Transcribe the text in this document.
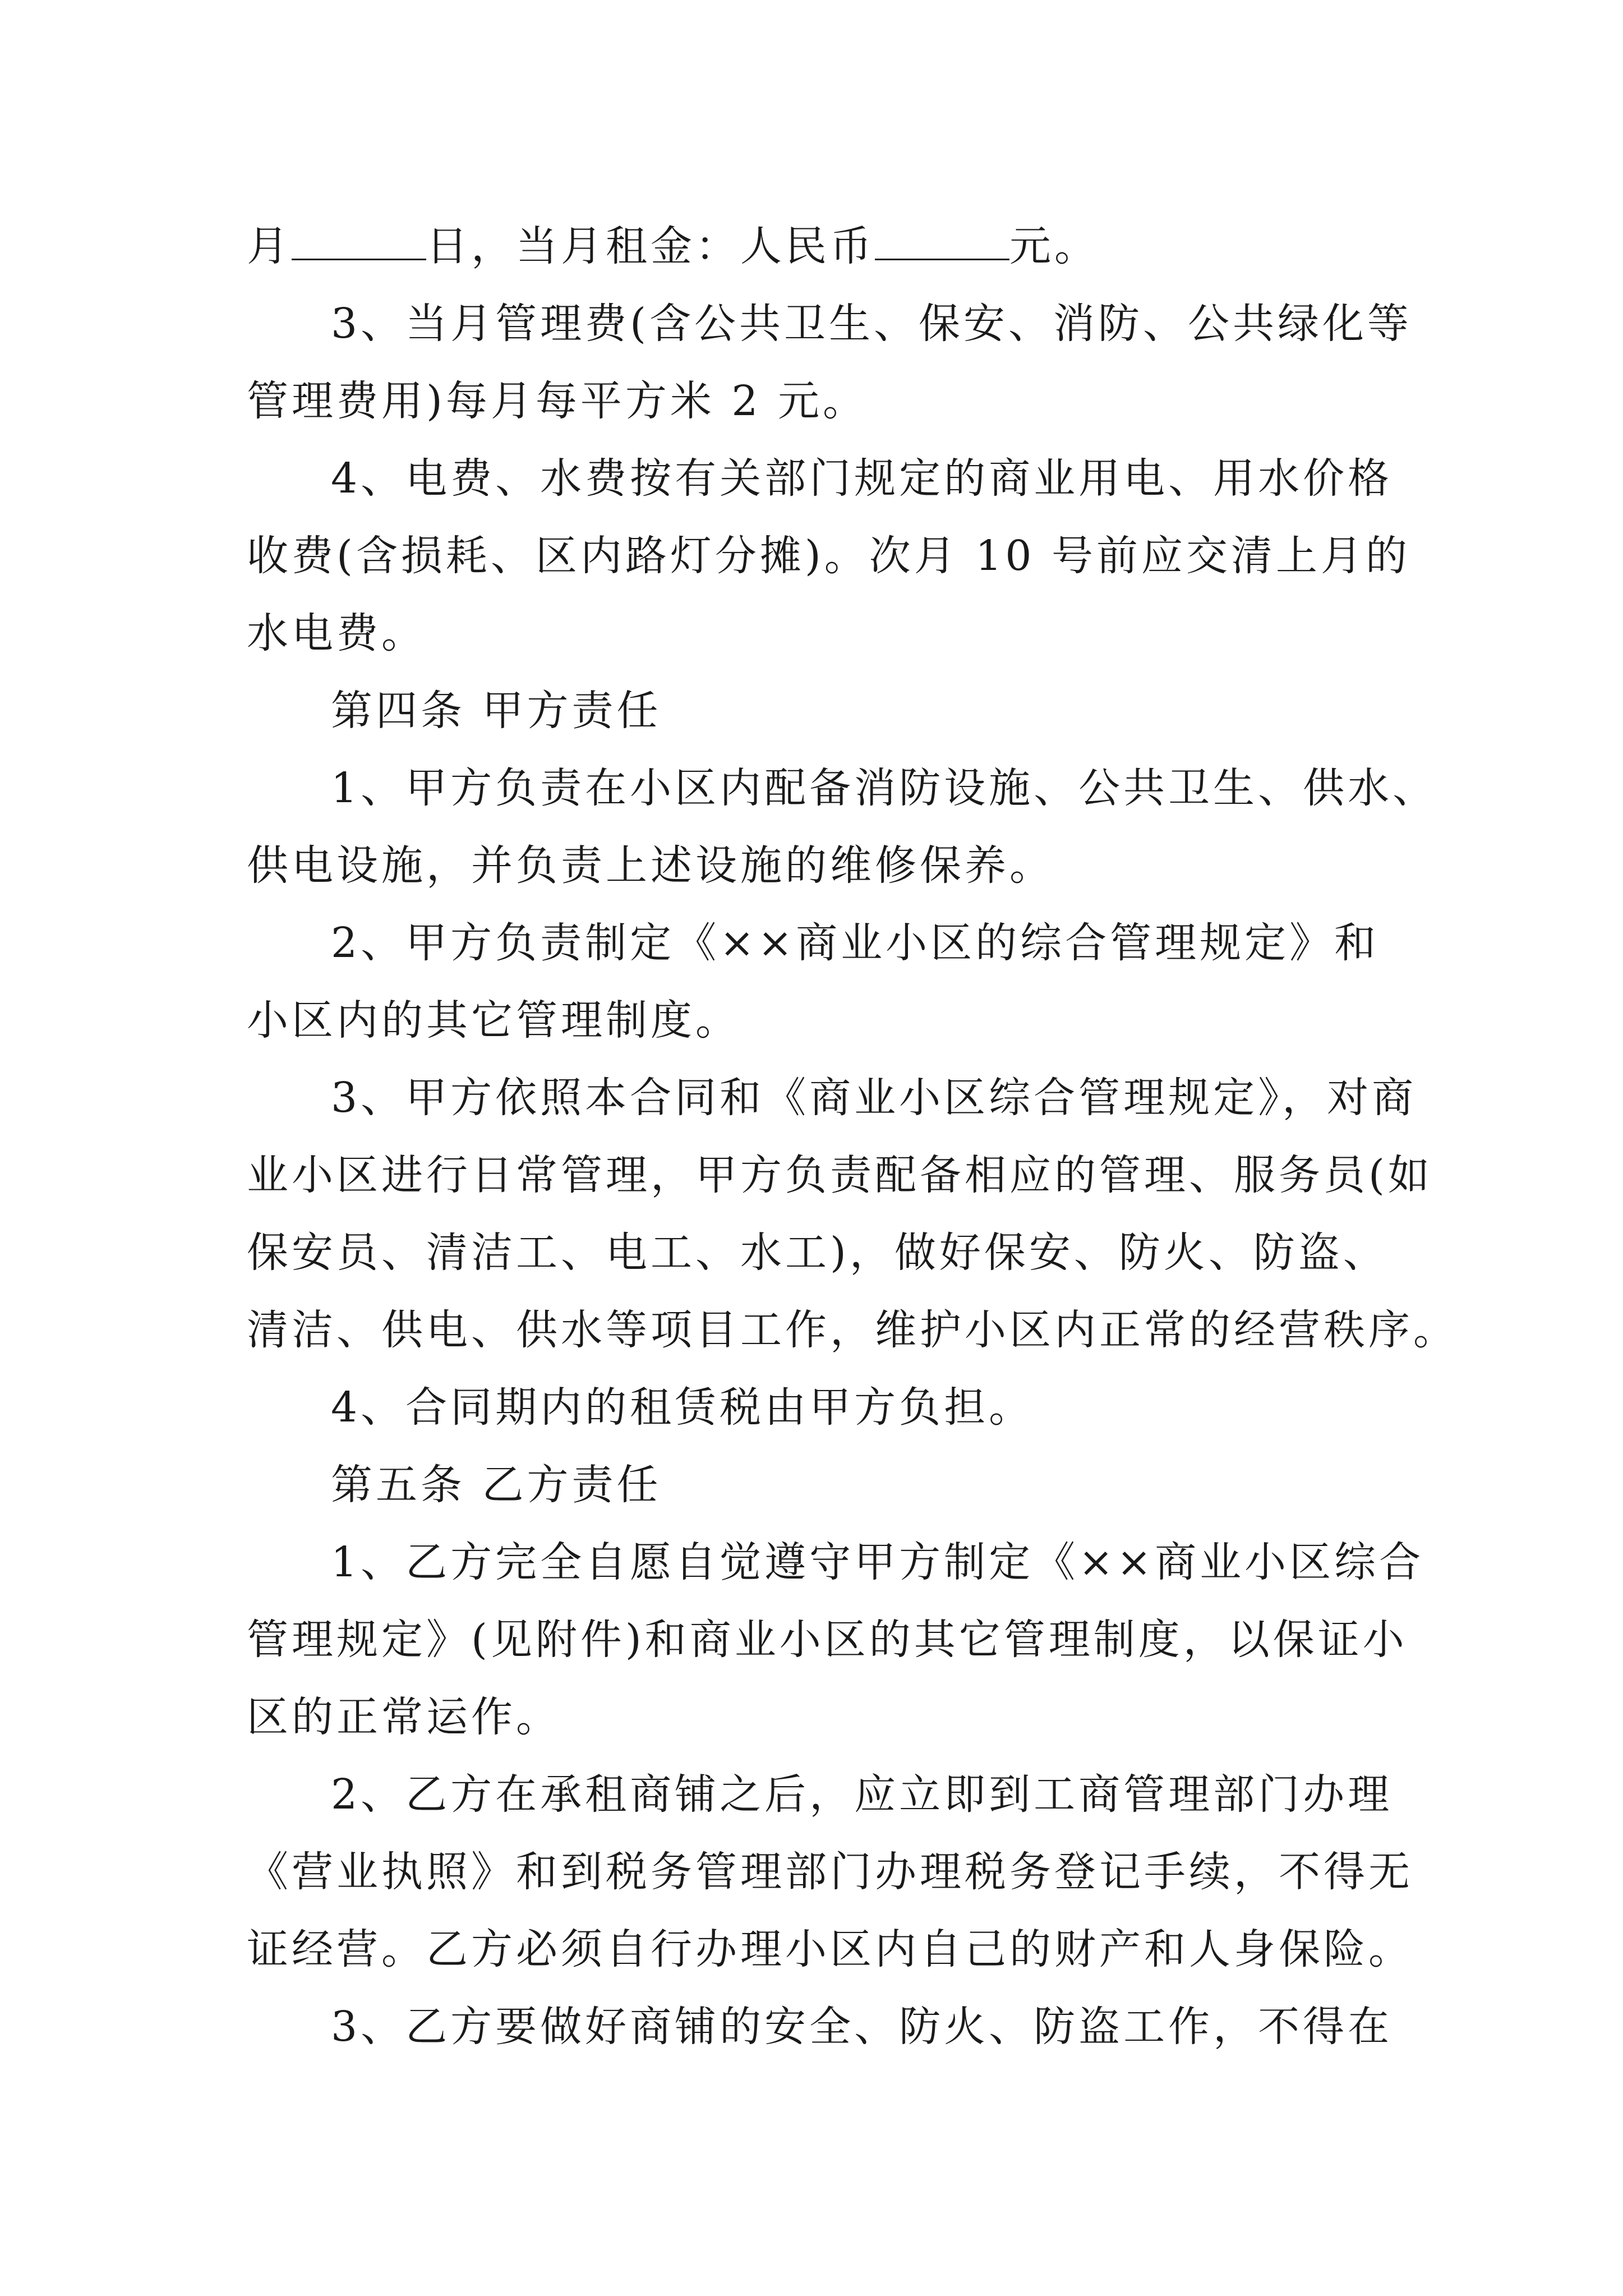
月	日，当月租金：人民币	元。
3、当月管理费(含公共卫生、保安、消防、公共绿化等
管理费用)每月每平方米 2 元。
4、电费、水费按有关部门规定的商业用电、用水价格
收费(含损耗、区内路灯分摊)。次月 10 号前应交清上月的
水电费。
第四条 甲方责任
1、甲方负责在小区内配备消防设施、公共卫生、供水、
供电设施，并负责上述设施的维修保养。
2、甲方负责制定《××商业小区的综合管理规定》和
小区内的其它管理制度。
3、甲方依照本合同和《商业小区综合管理规定》，对商
业小区进行日常管理，甲方负责配备相应的管理、服务员(如
保安员、清洁工、电工、水工)，做好保安、防火、防盗、
清洁、供电、供水等项目工作，维护小区内正常的经营秩序。
4、合同期内的租赁税由甲方负担。
第五条 乙方责任
1、乙方完全自愿自觉遵守甲方制定《××商业小区综合
管理规定》(见附件)和商业小区的其它管理制度，以保证小
区的正常运作。
2、乙方在承租商铺之后，应立即到工商管理部门办理
《营业执照》和到税务管理部门办理税务登记手续，不得无
证经营。乙方必须自行办理小区内自己的财产和人身保险。
3、乙方要做好商铺的安全、防火、防盗工作，不得在
